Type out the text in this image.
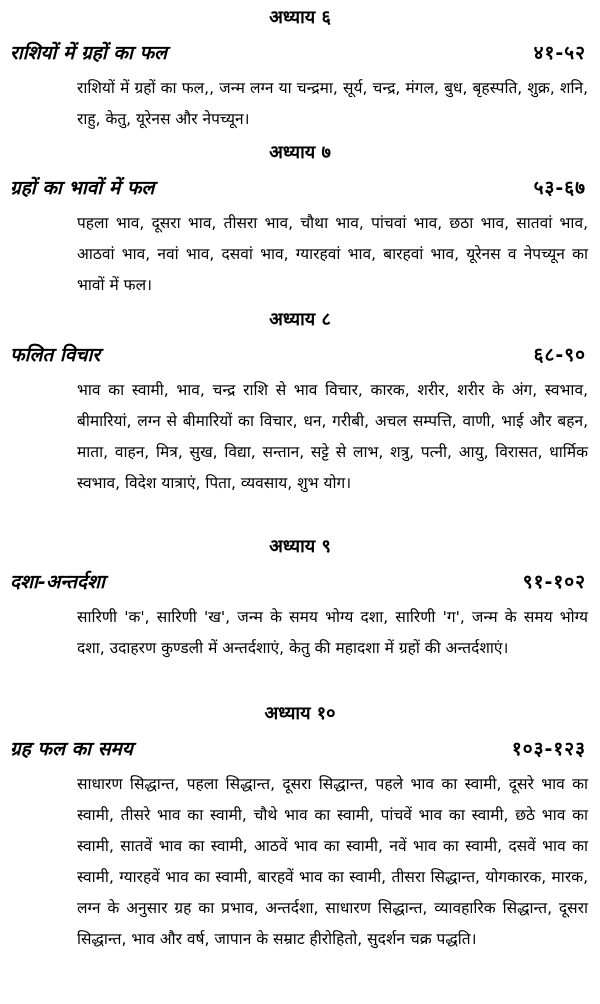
अध्याय ६
राशियों में ग्रहों का फल	४१-५२

राशियों में ग्रहों का फल,, जन्म लग्न या चन्द्रमा, सूर्य, चन्द्र, मंगल, बुध, बृहस्पति, शुक्र, शनि, राहु, केतु, यूरेनस और नेपच्यून।

अध्याय ७
ग्रहों का भावों में फल	५३-६७

पहला भाव, दूसरा भाव, तीसरा भाव, चौथा भाव, पांचवां भाव, छठा भाव, सातवां भाव, आठवां भाव, नवां भाव, दसवां भाव, ग्यारहवां भाव, बारहवां भाव, यूरेनस व नेपच्यून का भावों में फल।

अध्याय ८
फलित विचार	६८-९०

भाव का स्वामी, भाव, चन्द्र राशि से भाव विचार, कारक, शरीर, शरीर के अंग, स्वभाव, बीमारियां, लग्न से बीमारियों का विचार, धन, गरीबी, अचल सम्पत्ति, वाणी, भाई और बहन, माता, वाहन, मित्र, सुख, विद्या, सन्तान, सट्टे से लाभ, शत्रु, पत्नी, आयु, विरासत, धार्मिक स्वभाव, विदेश यात्राएं, पिता, व्यवसाय, शुभ योग।

अध्याय ९
दशा-अन्तर्दशा	९१-१०२

सारिणी 'क', सारिणी 'ख', जन्म के समय भोग्य दशा, सारिणी 'ग', जन्म के समय भोग्य दशा, उदाहरण कुण्डली में अन्तर्दशाएं, केतु की महादशा में ग्रहों की अन्तर्दशाएं।

अध्याय १०
ग्रह फल का समय	१०३-१२३

साधारण सिद्धान्त, पहला सिद्धान्त, दूसरा सिद्धान्त, पहले भाव का स्वामी, दूसरे भाव का स्वामी, तीसरे भाव का स्वामी, चौथे भाव का स्वामी, पांचवें भाव का स्वामी, छठे भाव का स्वामी, सातवें भाव का स्वामी, आठवें भाव का स्वामी, नवें भाव का स्वामी, दसवें भाव का स्वामी, ग्यारहवें भाव का स्वामी, बारहवें भाव का स्वामी, तीसरा सिद्धान्त, योगकारक, मारक, लग्न के अनुसार ग्रह का प्रभाव, अन्तर्दशा, साधारण सिद्धान्त, व्यावहारिक सिद्धान्त, दूसरा सिद्धान्त, भाव और वर्ष, जापान के सम्राट हीरोहितो, सुदर्शन चक्र पद्धति।
